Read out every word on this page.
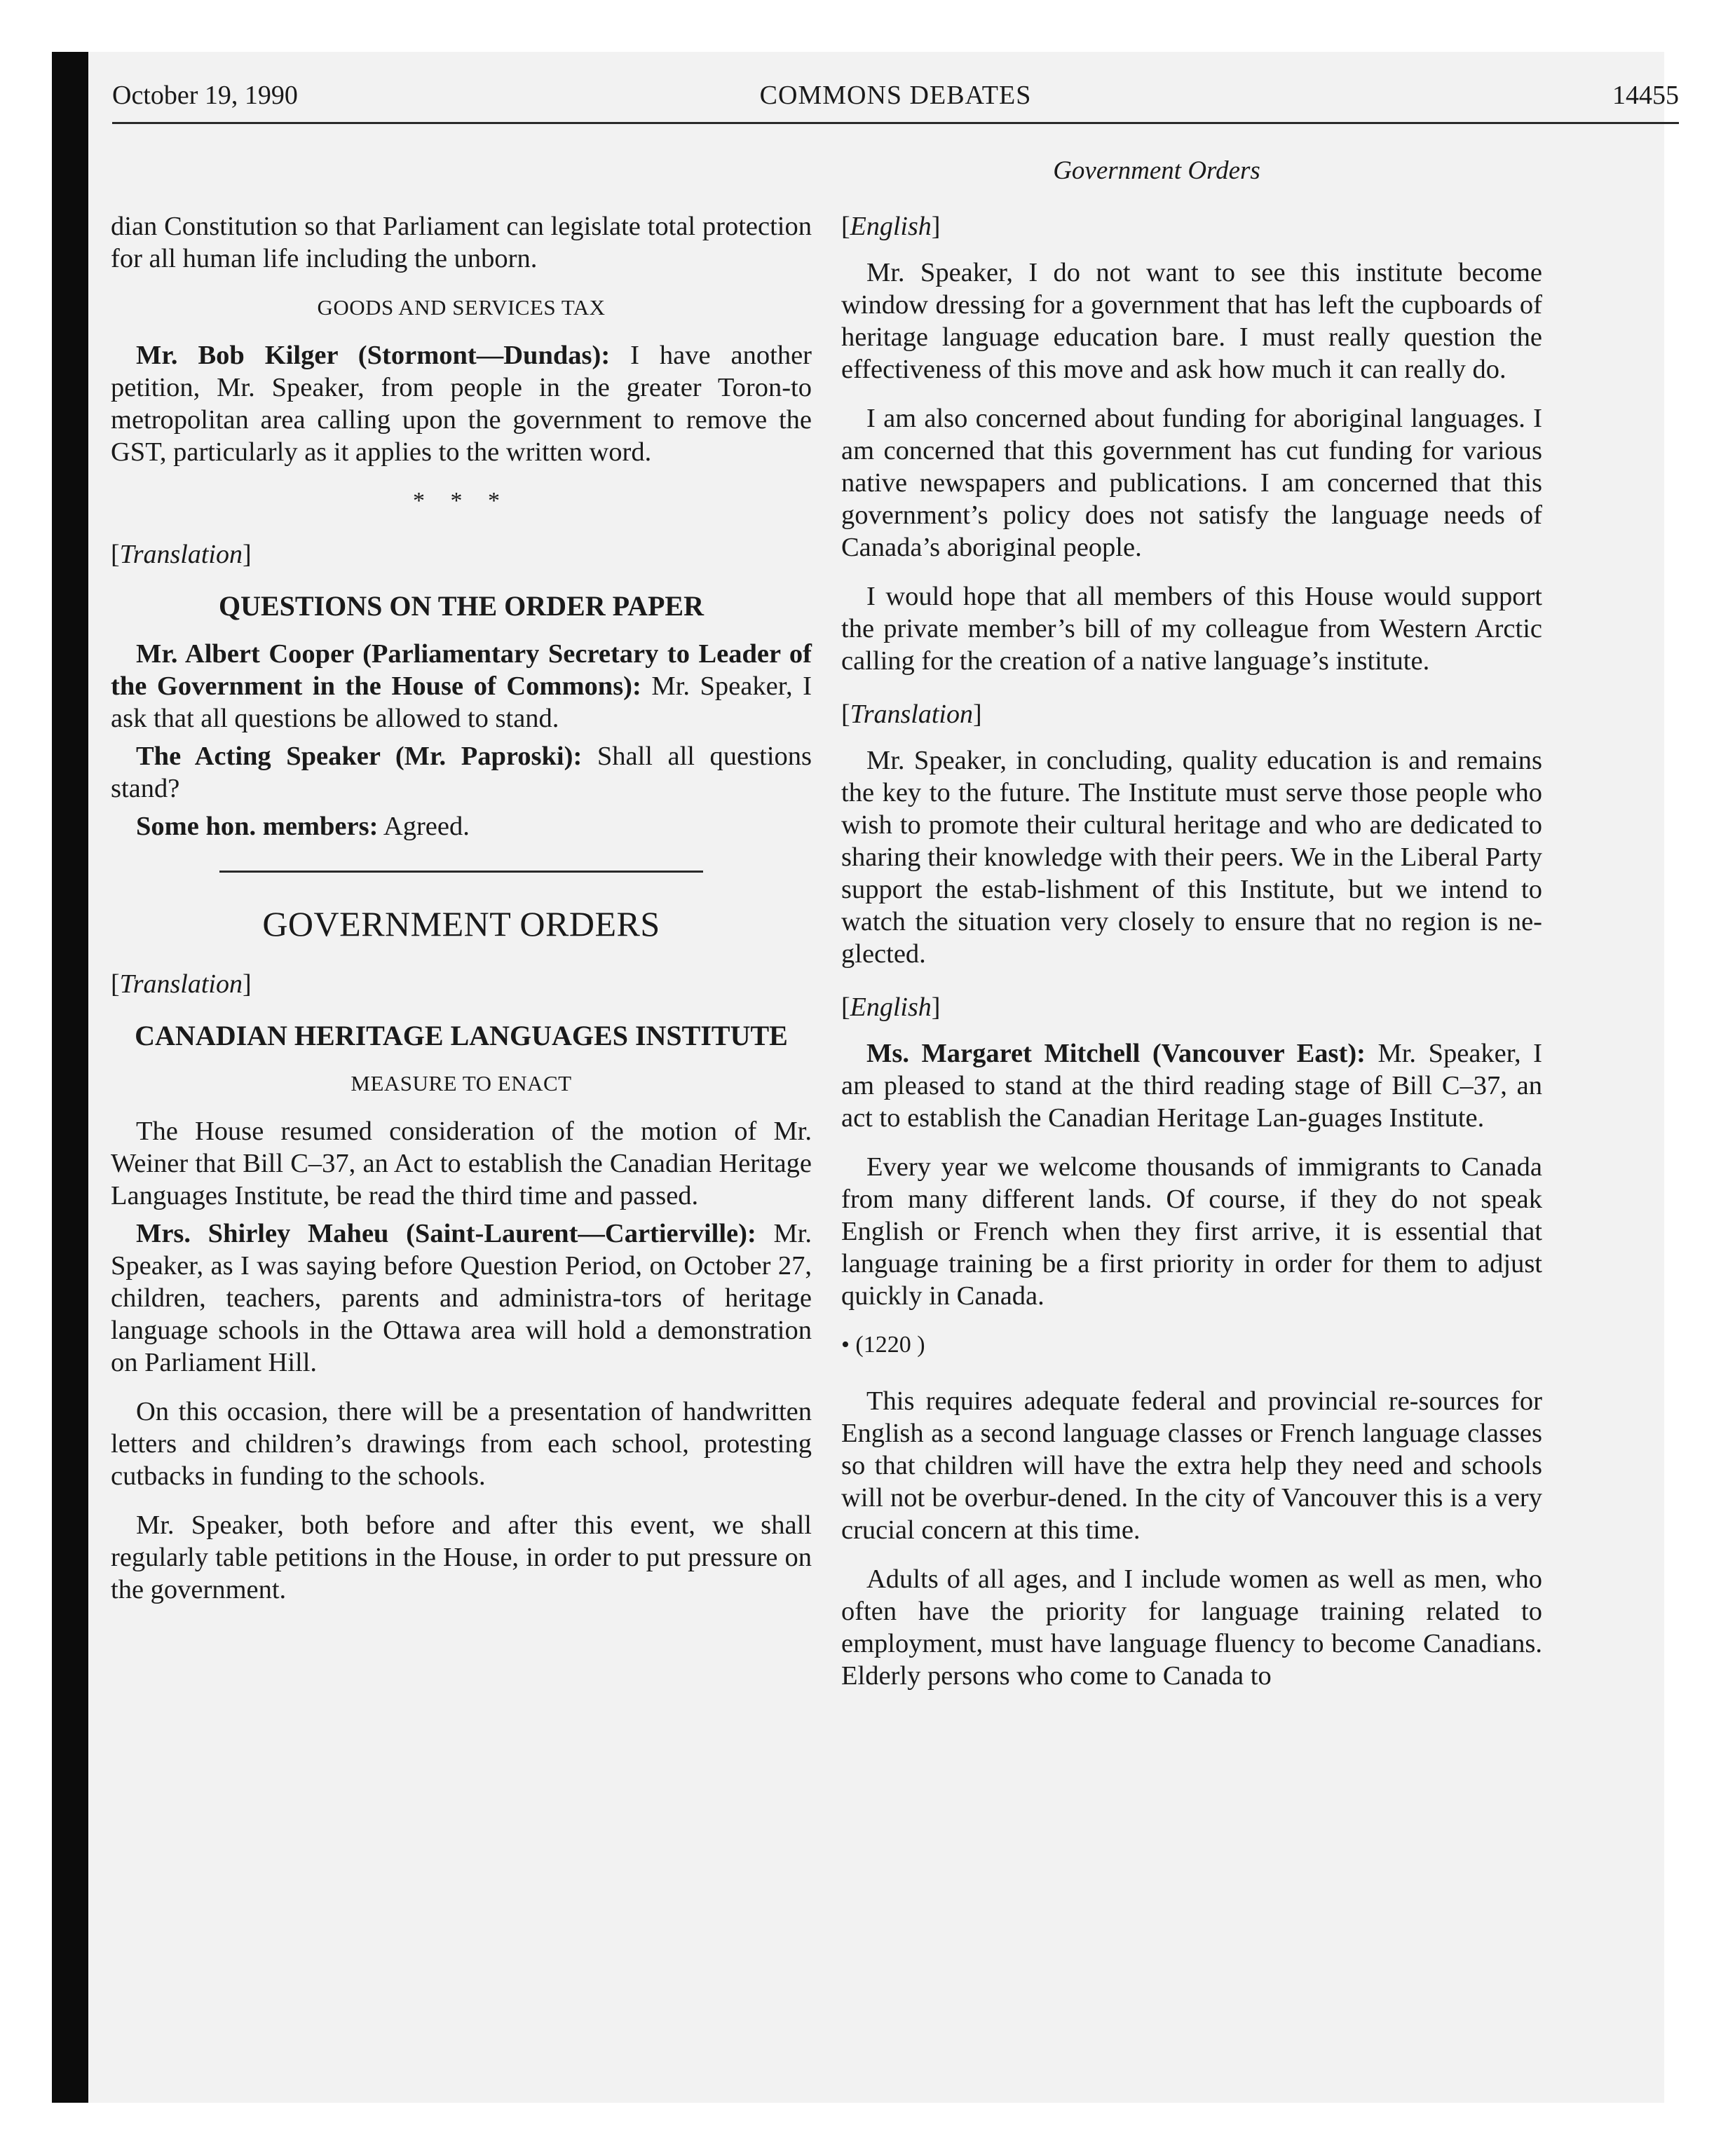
October 19, 1990	COMMONS DEBATES	14455
Government Orders

dian Constitution so that Parliament can legislate total protection for all human life including the unborn.

GOODS AND SERVICES TAX

Mr. Bob Kilger (Stormont—Dundas): I have another petition, Mr. Speaker, from people in the greater Toron-to metropolitan area calling upon the government to remove the GST, particularly as it applies to the written word.

* * *
[Translation]
QUESTIONS ON THE ORDER PAPER

Mr. Albert Cooper (Parliamentary Secretary to Leader of the Government in the House of Commons): Mr. Speaker, I ask that all questions be allowed to stand.

The Acting Speaker (Mr. Paproski): Shall all questions stand?

Some hon. members: Agreed.

GOVERNMENT ORDERS
[Translation]
CANADIAN HERITAGE LANGUAGES INSTITUTE
MEASURE TO ENACT

The House resumed consideration of the motion of Mr. Weiner that Bill C–37, an Act to establish the Canadian Heritage Languages Institute, be read the third time and passed.

Mrs. Shirley Maheu (Saint-Laurent—Cartierville): Mr. Speaker, as I was saying before Question Period, on October 27, children, teachers, parents and administra-tors of heritage language schools in the Ottawa area will hold a demonstration on Parliament Hill.

On this occasion, there will be a presentation of handwritten letters and children’s drawings from each school, protesting cutbacks in funding to the schools.

Mr. Speaker, both before and after this event, we shall regularly table petitions in the House, in order to put pressure on the government.

[English]

Mr. Speaker, I do not want to see this institute become window dressing for a government that has left the cupboards of heritage language education bare. I must really question the effectiveness of this move and ask how much it can really do.

I am also concerned about funding for aboriginal languages. I am concerned that this government has cut funding for various native newspapers and publications. I am concerned that this government’s policy does not satisfy the language needs of Canada’s aboriginal people.

I would hope that all members of this House would support the private member’s bill of my colleague from Western Arctic calling for the creation of a native language’s institute.

[Translation]

Mr. Speaker, in concluding, quality education is and remains the key to the future. The Institute must serve those people who wish to promote their cultural heritage and who are dedicated to sharing their knowledge with their peers. We in the Liberal Party support the estab-lishment of this Institute, but we intend to watch the situation very closely to ensure that no region is ne-glected.

[English]

Ms. Margaret Mitchell (Vancouver East): Mr. Speaker, I am pleased to stand at the third reading stage of Bill C–37, an act to establish the Canadian Heritage Lan-guages Institute.

Every year we welcome thousands of immigrants to Canada from many different lands. Of course, if they do not speak English or French when they first arrive, it is essential that language training be a first priority in order for them to adjust quickly in Canada.

• (1220 )

This requires adequate federal and provincial re-sources for English as a second language classes or French language classes so that children will have the extra help they need and schools will not be overbur-dened. In the city of Vancouver this is a very crucial concern at this time.

Adults of all ages, and I include women as well as men, who often have the priority for language training related to employment, must have language fluency to become Canadians. Elderly persons who come to Canada to
